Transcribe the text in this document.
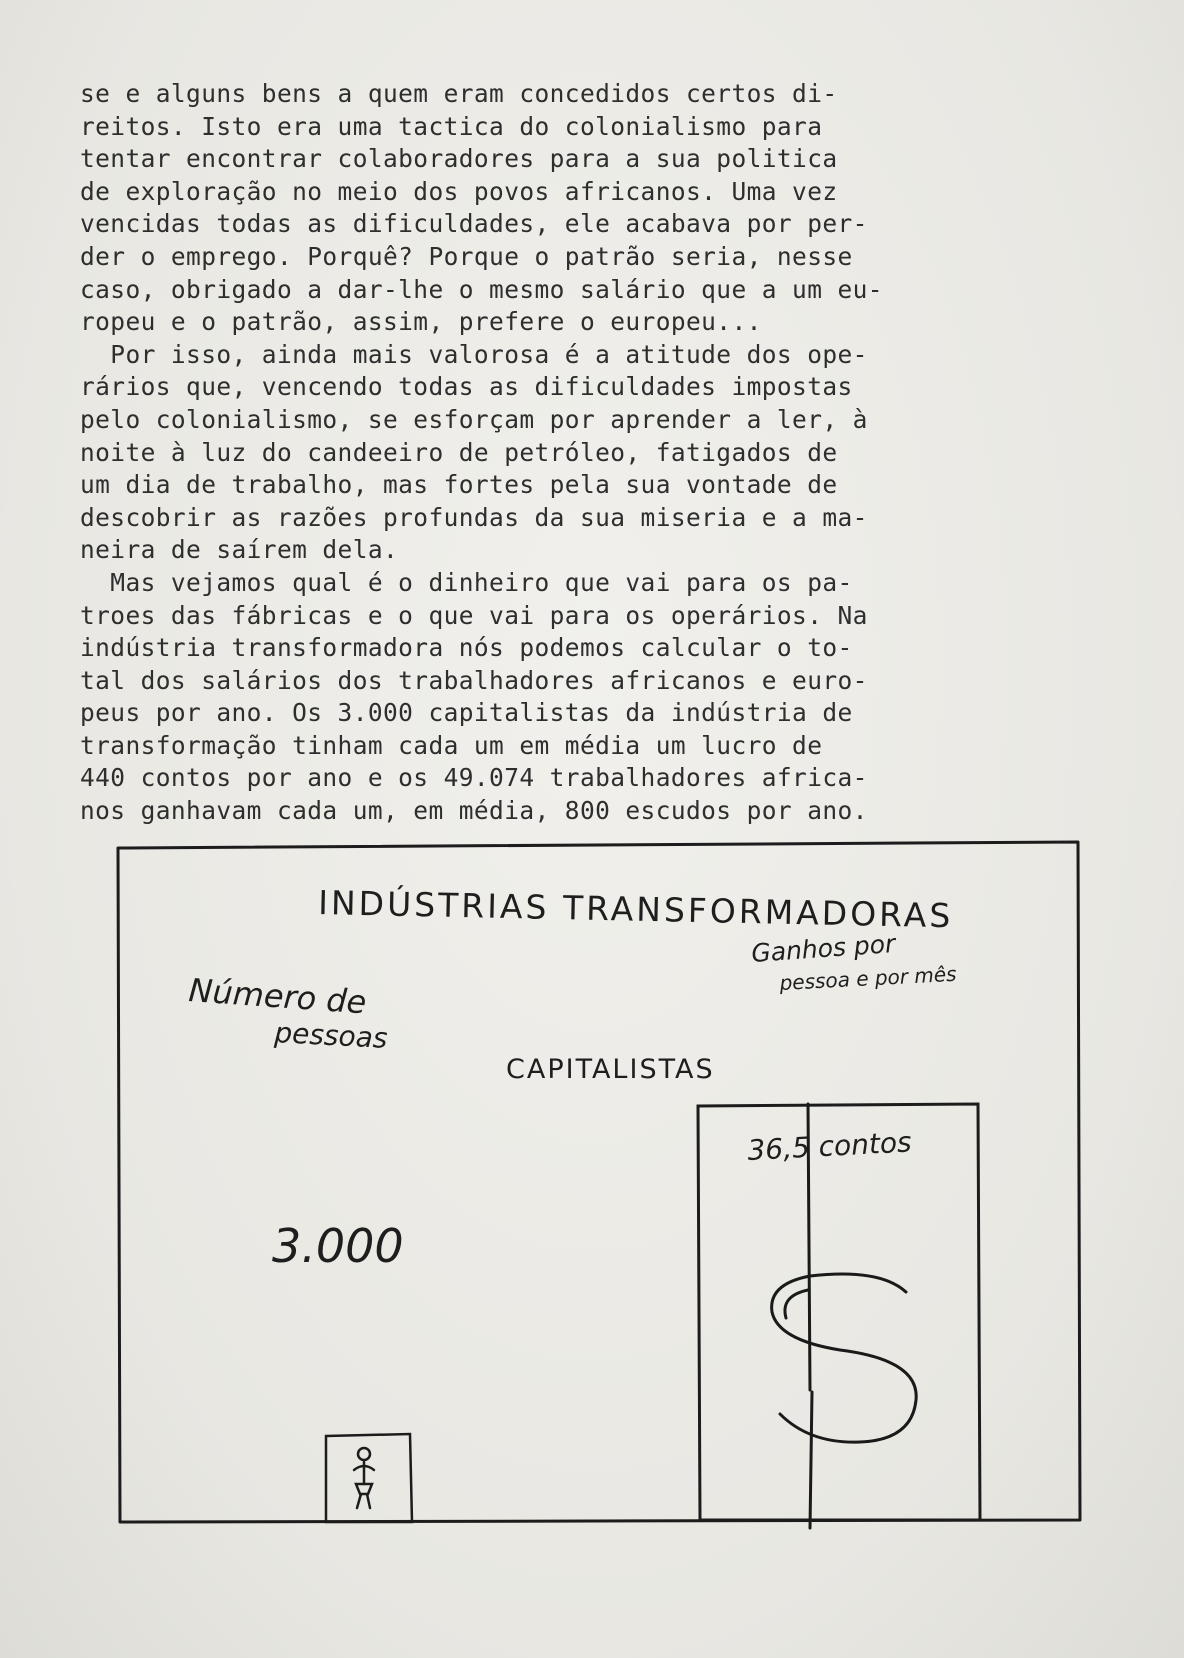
se e alguns bens a quem eram concedidos certos di-
reitos. Isto era uma tactica do colonialismo para
tentar encontrar colaboradores para a sua politica
de exploração no meio dos povos africanos. Uma vez
vencidas todas as dificuldades, ele acabava por per-
der o emprego. Porquê? Porque o patrão seria, nesse
caso, obrigado a dar-lhe o mesmo salário que a um eu-
ropeu e o patrão, assim, prefere o europeu...
Por isso, ainda mais valorosa é a atitude dos ope-
rários que, vencendo todas as dificuldades impostas
pelo colonialismo, se esforçam por aprender a ler, à
noite à luz do candeeiro de petróleo, fatigados de
um dia de trabalho, mas fortes pela sua vontade de
descobrir as razões profundas da sua miseria e a ma-
neira de saírem dela.
Mas vejamos qual é o dinheiro que vai para os pa-
troes das fábricas e o que vai para os operários. Na
indústria transformadora nós podemos calcular o to-
tal dos salários dos trabalhadores africanos e euro-
peus por ano. Os 3.000 capitalistas da indústria de
transformação tinham cada um em média um lucro de
440 contos por ano e os 49.074 trabalhadores africa-
nos ganhavam cada um, em média, 800 escudos por ano.
INDÚSTRIAS TRANSFORMADORAS
Número de
pessoas
Ganhos por
pessoa e por mês
CAPITALISTAS
3.000
36,5 contos
